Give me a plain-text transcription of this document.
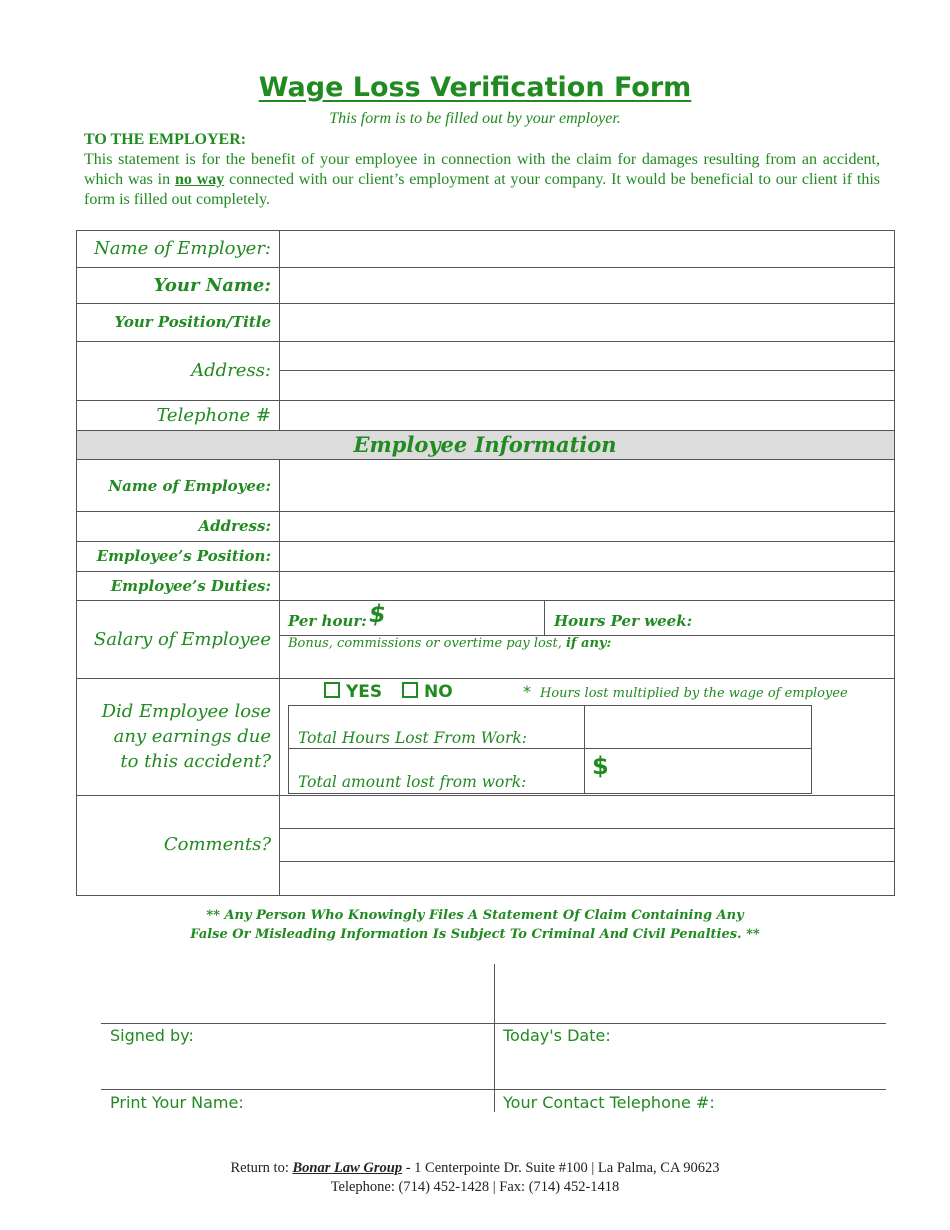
Wage Loss Verification Form
This form is to be filled out by your employer.
TO THE EMPLOYER:
This statement is for the benefit of your employee in connection with the claim for damages resulting from an accident, which was in no way connected with our client’s employment at your company. It would be beneficial to our client if this form is filled out completely.
Name of Employer:
Your Name:
Your Position/Title
Address:
Telephone #
Employee Information
Name of Employee:
Address:
Employee’s Position:
Employee’s Duties:
Salary of Employee
Per hour: $	Hours Per week:
Bonus, commissions or overtime pay lost, if any:
Did Employee lose
any earnings due
to this accident?
YES	NO	* Hours lost multiplied by the wage of employee
Total Hours Lost From Work:
Total amount lost from work:
$
Comments?
** Any Person Who Knowingly Files A Statement Of Claim Containing Any
False Or Misleading Information Is Subject To Criminal And Civil Penalties. **
Signed by:	Today's Date:
Print Your Name:	Your Contact Telephone #:
Return to: Bonar Law Group - 1 Centerpointe Dr. Suite #100 | La Palma, CA 90623
Telephone: (714) 452-1428 | Fax: (714) 452-1418
